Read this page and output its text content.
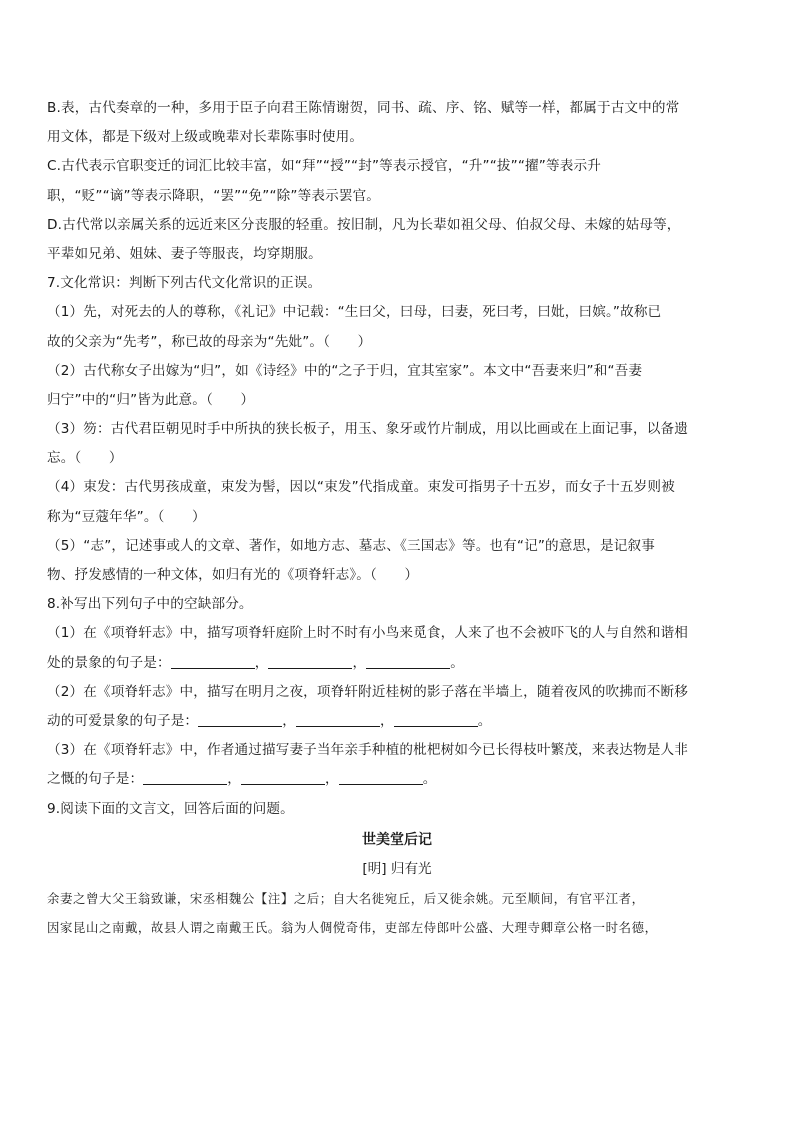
B.表，古代奏章的一种，多用于臣子向君王陈情谢贺，同书、疏、序、铭、赋等一样，都属于古文中的常
用文体，都是下级对上级或晚辈对长辈陈事时使用。
C.古代表示官职变迁的词汇比较丰富，如“拜”“授”“封”等表示授官，“升”“拔”“擢”等表示升
职，“贬”“谪”等表示降职，“罢”“免”“除”等表示罢官。
D.古代常以亲属关系的远近来区分丧服的轻重。按旧制，凡为长辈如祖父母、伯叔父母、未嫁的姑母等，
平辈如兄弟、姐妹、妻子等服丧，均穿期服。
7.文化常识：判断下列古代文化常识的正误。
（1）先，对死去的人的尊称，《礼记》中记载：“生曰父，曰母，曰妻，死曰考，曰妣，曰嫔。”故称已
故的父亲为“先考”，称已故的母亲为“先妣”。（　　）
（2）古代称女子出嫁为“归”，如《诗经》中的“之子于归，宜其室家”。本文中“吾妻来归”和“吾妻
归宁”中的“归”皆为此意。（　　）
（3）笏：古代君臣朝见时手中所执的狭长板子，用玉、象牙或竹片制成，用以比画或在上面记事，以备遗
忘。（　　）
（4）束发：古代男孩成童，束发为髻，因以“束发”代指成童。束发可指男子十五岁，而女子十五岁则被
称为“豆蔻年华”。（　　）
（5）“志”，记述事或人的文章、著作，如地方志、墓志、《三国志》等。也有“记”的意思，是记叙事
物、抒发感情的一种文体，如归有光的《项脊轩志》。（　　）
8.补写出下列句子中的空缺部分。
（1）在《项脊轩志》中，描写项脊轩庭阶上时不时有小鸟来觅食，人来了也不会被吓飞的人与自然和谐相
处的景象的句子是：	，	，	。
（2）在《项脊轩志》中，描写在明月之夜，项脊轩附近桂树的影子落在半墙上，随着夜风的吹拂而不断移
动的可爱景象的句子是：	，	，	。
（3）在《项脊轩志》中，作者通过描写妻子当年亲手种植的枇杷树如今已长得枝叶繁茂，来表达物是人非
之慨的句子是：	，	，	。
9.阅读下面的文言文，回答后面的问题。
世美堂后记
[明] 归有光
余妻之曾大父王翁致谦，宋丞相魏公【注】之后；自大名徙宛丘，后又徙余姚。元至顺间，有官平江者，
因家昆山之南戴，故县人谓之南戴王氏。翁为人倜傥奇伟，吏部左侍郎叶公盛、大理寺卿章公格一时名德，
